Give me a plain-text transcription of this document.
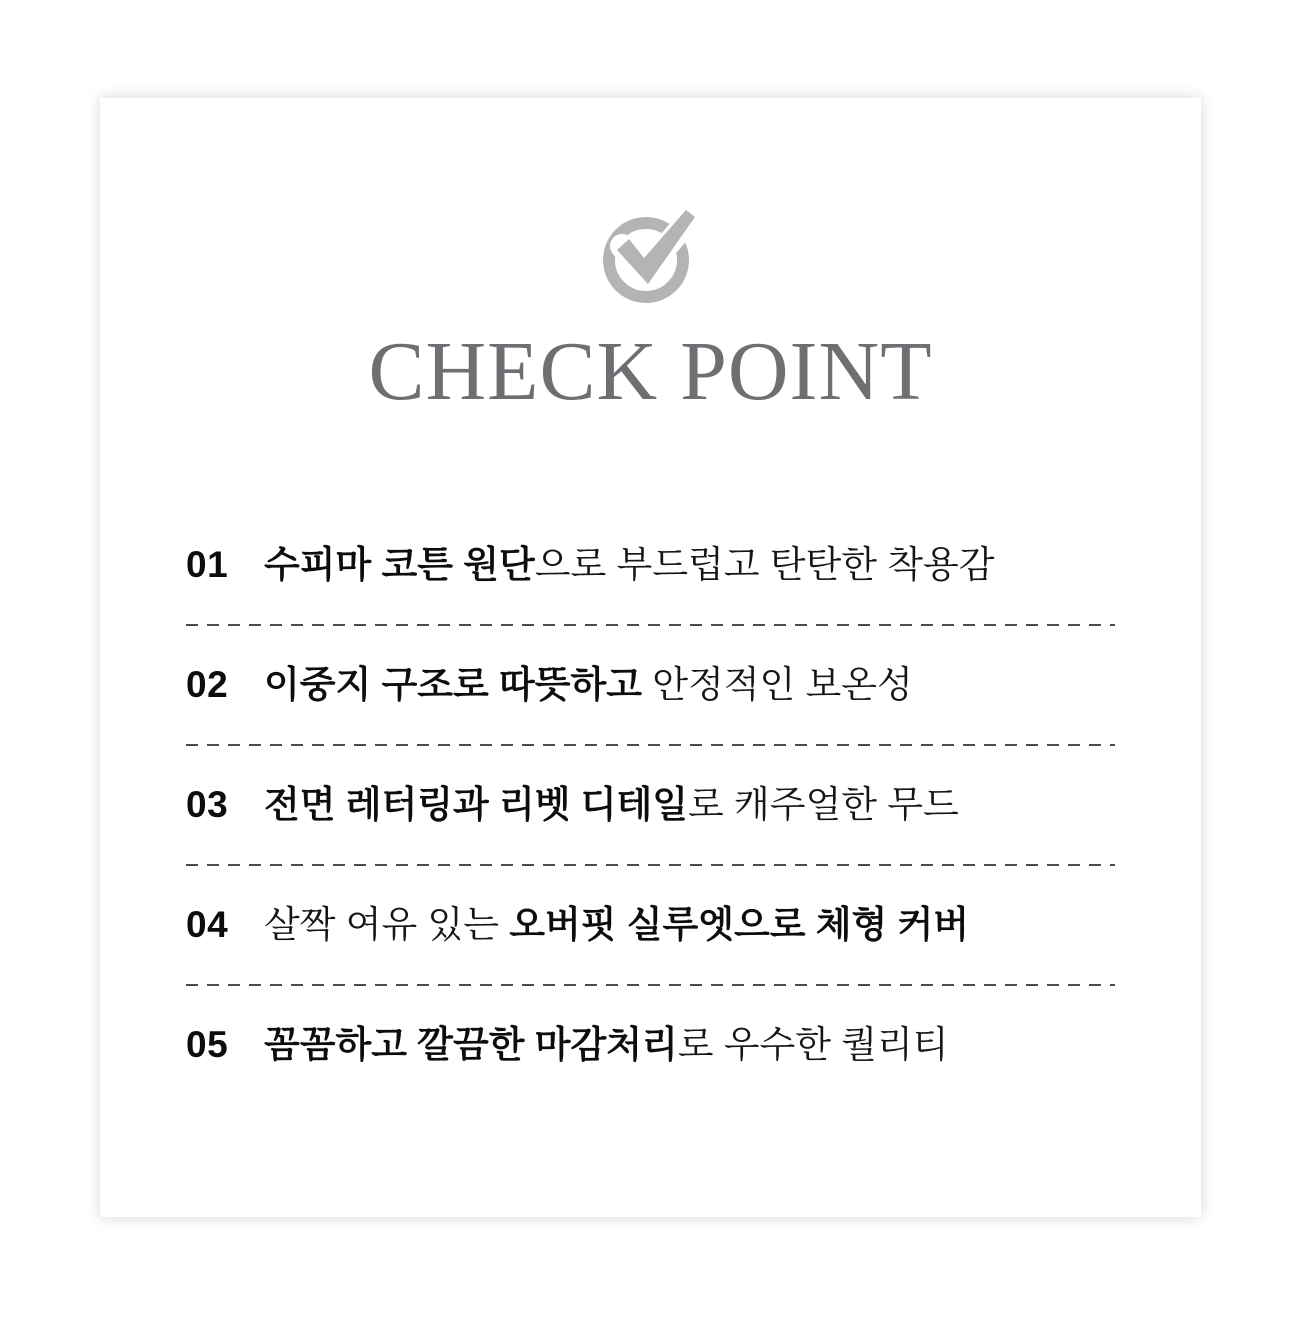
CHECK POINT
01 수피마 코튼 원단으로 부드럽고 탄탄한 착용감
02 이중지 구조로 따뜻하고 안정적인 보온성
03 전면 레터링과 리벳 디테일로 캐주얼한 무드
04 살짝 여유 있는 오버핏 실루엣으로 체형 커버
05 꼼꼼하고 깔끔한 마감처리로 우수한 퀄리티
